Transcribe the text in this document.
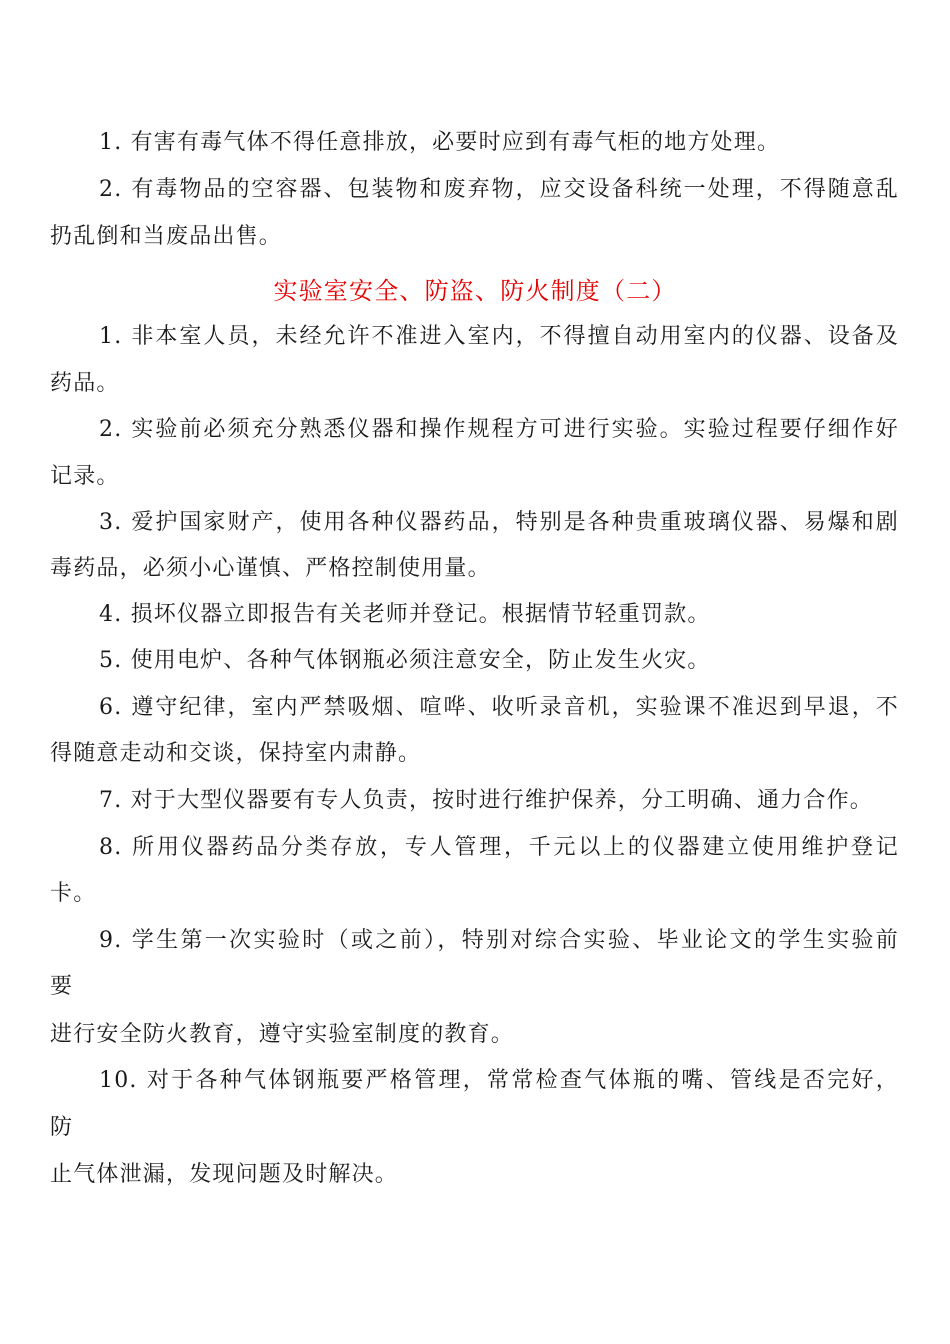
1. 有害有毒气体不得任意排放，必要时应到有毒气柜的地方处理。
2. 有毒物品的空容器、包装物和废弃物，应交设备科统一处理，不得随意乱
扔乱倒和当废品出售。
实验室安全、防盗、防火制度（二）
1. 非本室人员，未经允许不准进入室内，不得擅自动用室内的仪器、设备及
药品。
2. 实验前必须充分熟悉仪器和操作规程方可进行实验。实验过程要仔细作好
记录。
3. 爱护国家财产，使用各种仪器药品，特别是各种贵重玻璃仪器、易爆和剧
毒药品，必须小心谨慎、严格控制使用量。
4. 损坏仪器立即报告有关老师并登记。根据情节轻重罚款。
5. 使用电炉、各种气体钢瓶必须注意安全，防止发生火灾。
6. 遵守纪律，室内严禁吸烟、喧哗、收听录音机，实验课不准迟到早退，不
得随意走动和交谈，保持室内肃静。
7. 对于大型仪器要有专人负责，按时进行维护保养，分工明确、通力合作。
8. 所用仪器药品分类存放，专人管理，千元以上的仪器建立使用维护登记
卡。
9. 学生第一次实验时（或之前），特别对综合实验、毕业论文的学生实验前
要
进行安全防火教育，遵守实验室制度的教育。
10. 对于各种气体钢瓶要严格管理，常常检查气体瓶的嘴、管线是否完好，
防
止气体泄漏，发现问题及时解决。
